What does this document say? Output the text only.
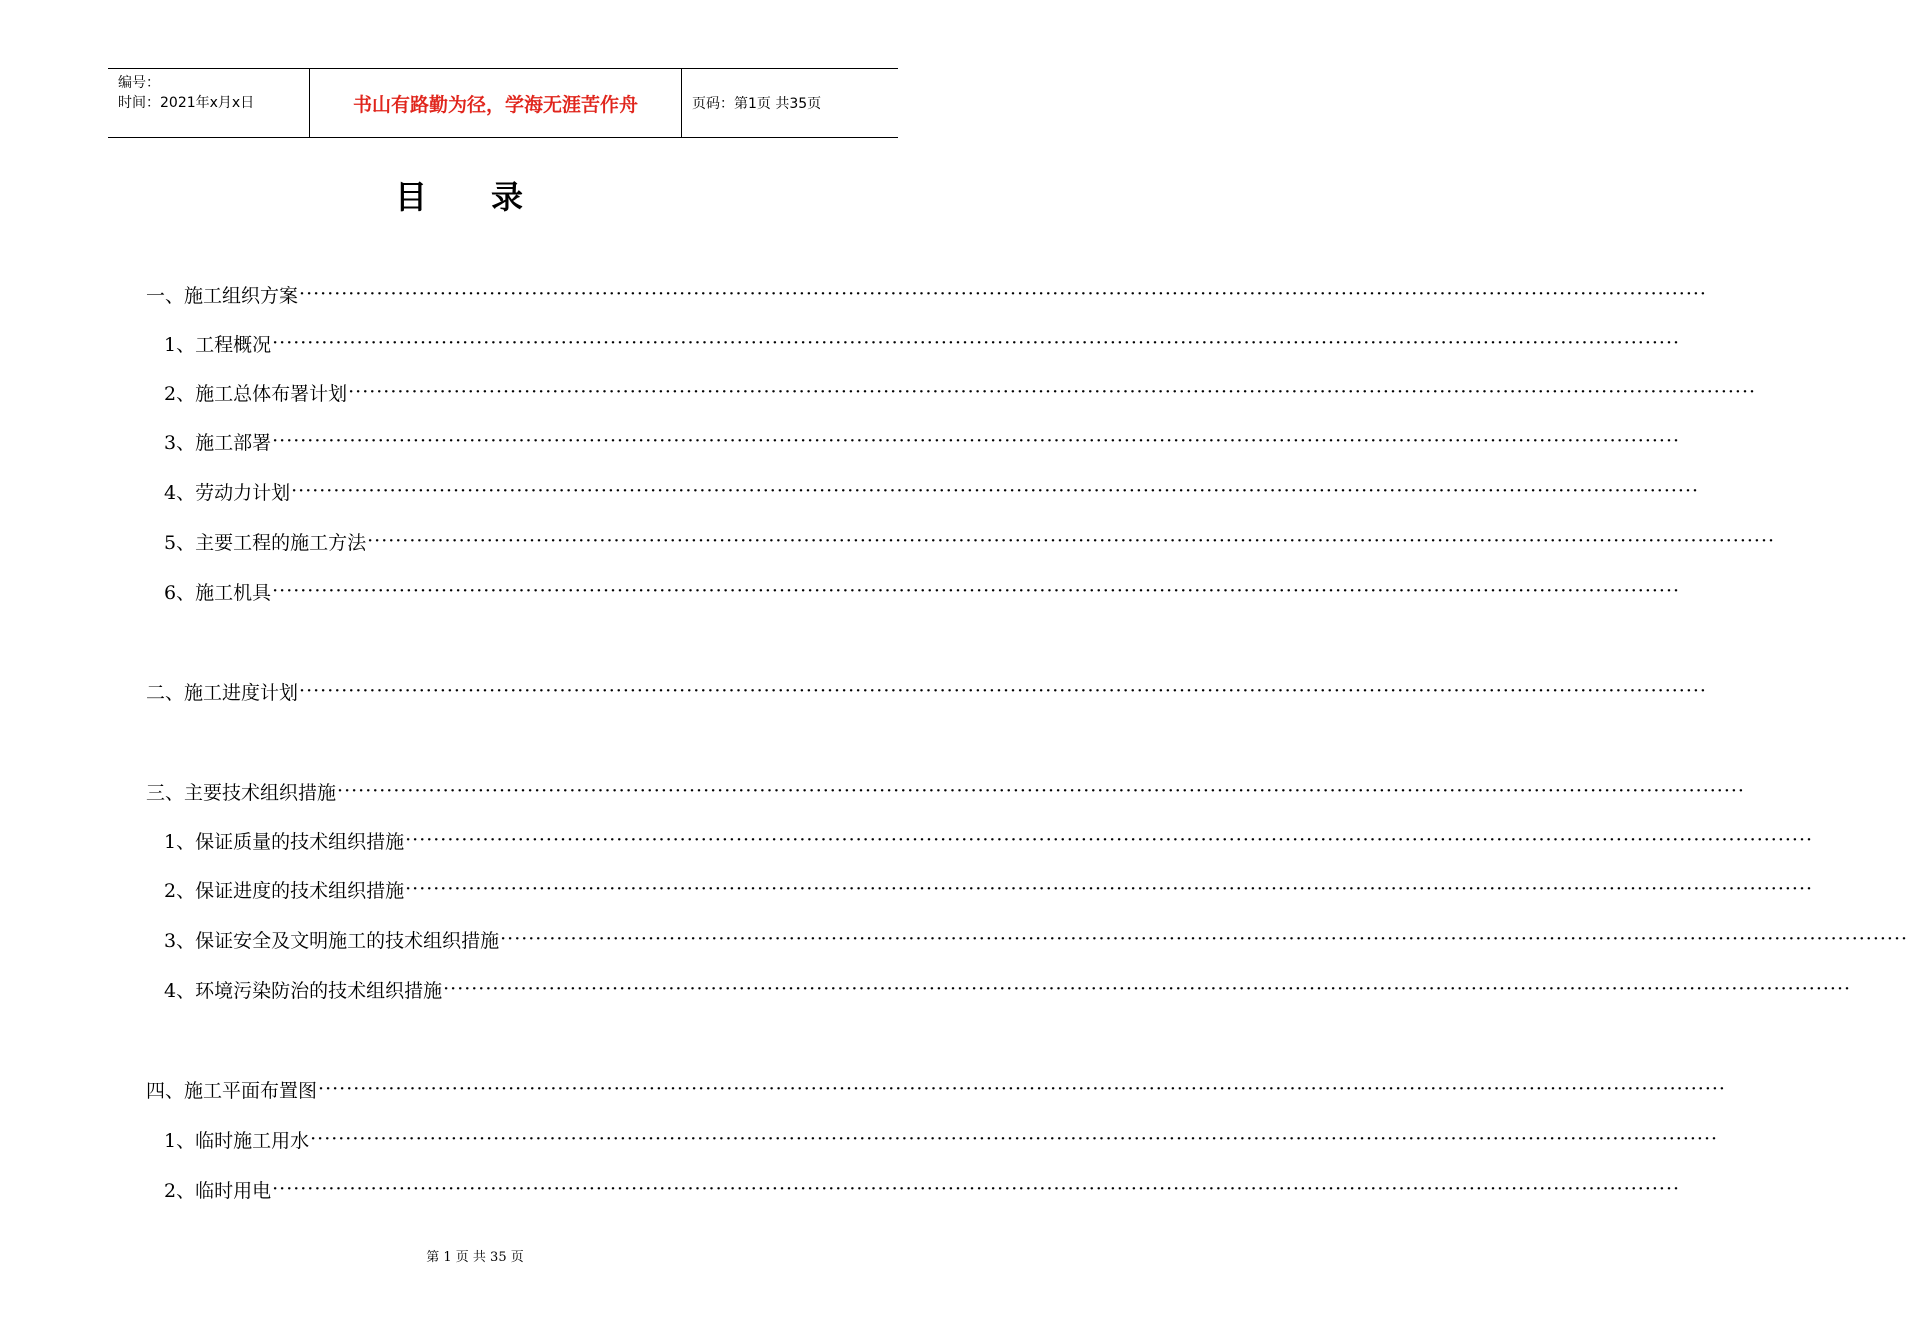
编号：
时间：2021年x月x日	书山有路勤为径，学海无涯苦作舟	页码：第1页 共35页
目录
一、 施工组织方案 ········································································································································································································
1、 工程概况 ········································································································································································································
2、 施工总体布署计划 ········································································································································································································
3、 施工部署 ········································································································································································································
4、 劳动力计划 ········································································································································································································
5、 主要工程的施工方法 ········································································································································································································
6、 施工机具 ········································································································································································································
二、 施工进度计划 ········································································································································································································
三、 主要技术组织措施 ········································································································································································································
1、 保证质量的技术组织措施 ········································································································································································································
2、 保证进度的技术组织措施 ········································································································································································································
3、 保证安全及文明施工的技术组织措施 ········································································································································································································
4、 环境污染防治的技术组织措施 ········································································································································································································
四、 施工平面布置图 ········································································································································································································
1、 临时施工用水 ········································································································································································································
2、 临时用电 ········································································································································································································
第 1 页 共 35 页
